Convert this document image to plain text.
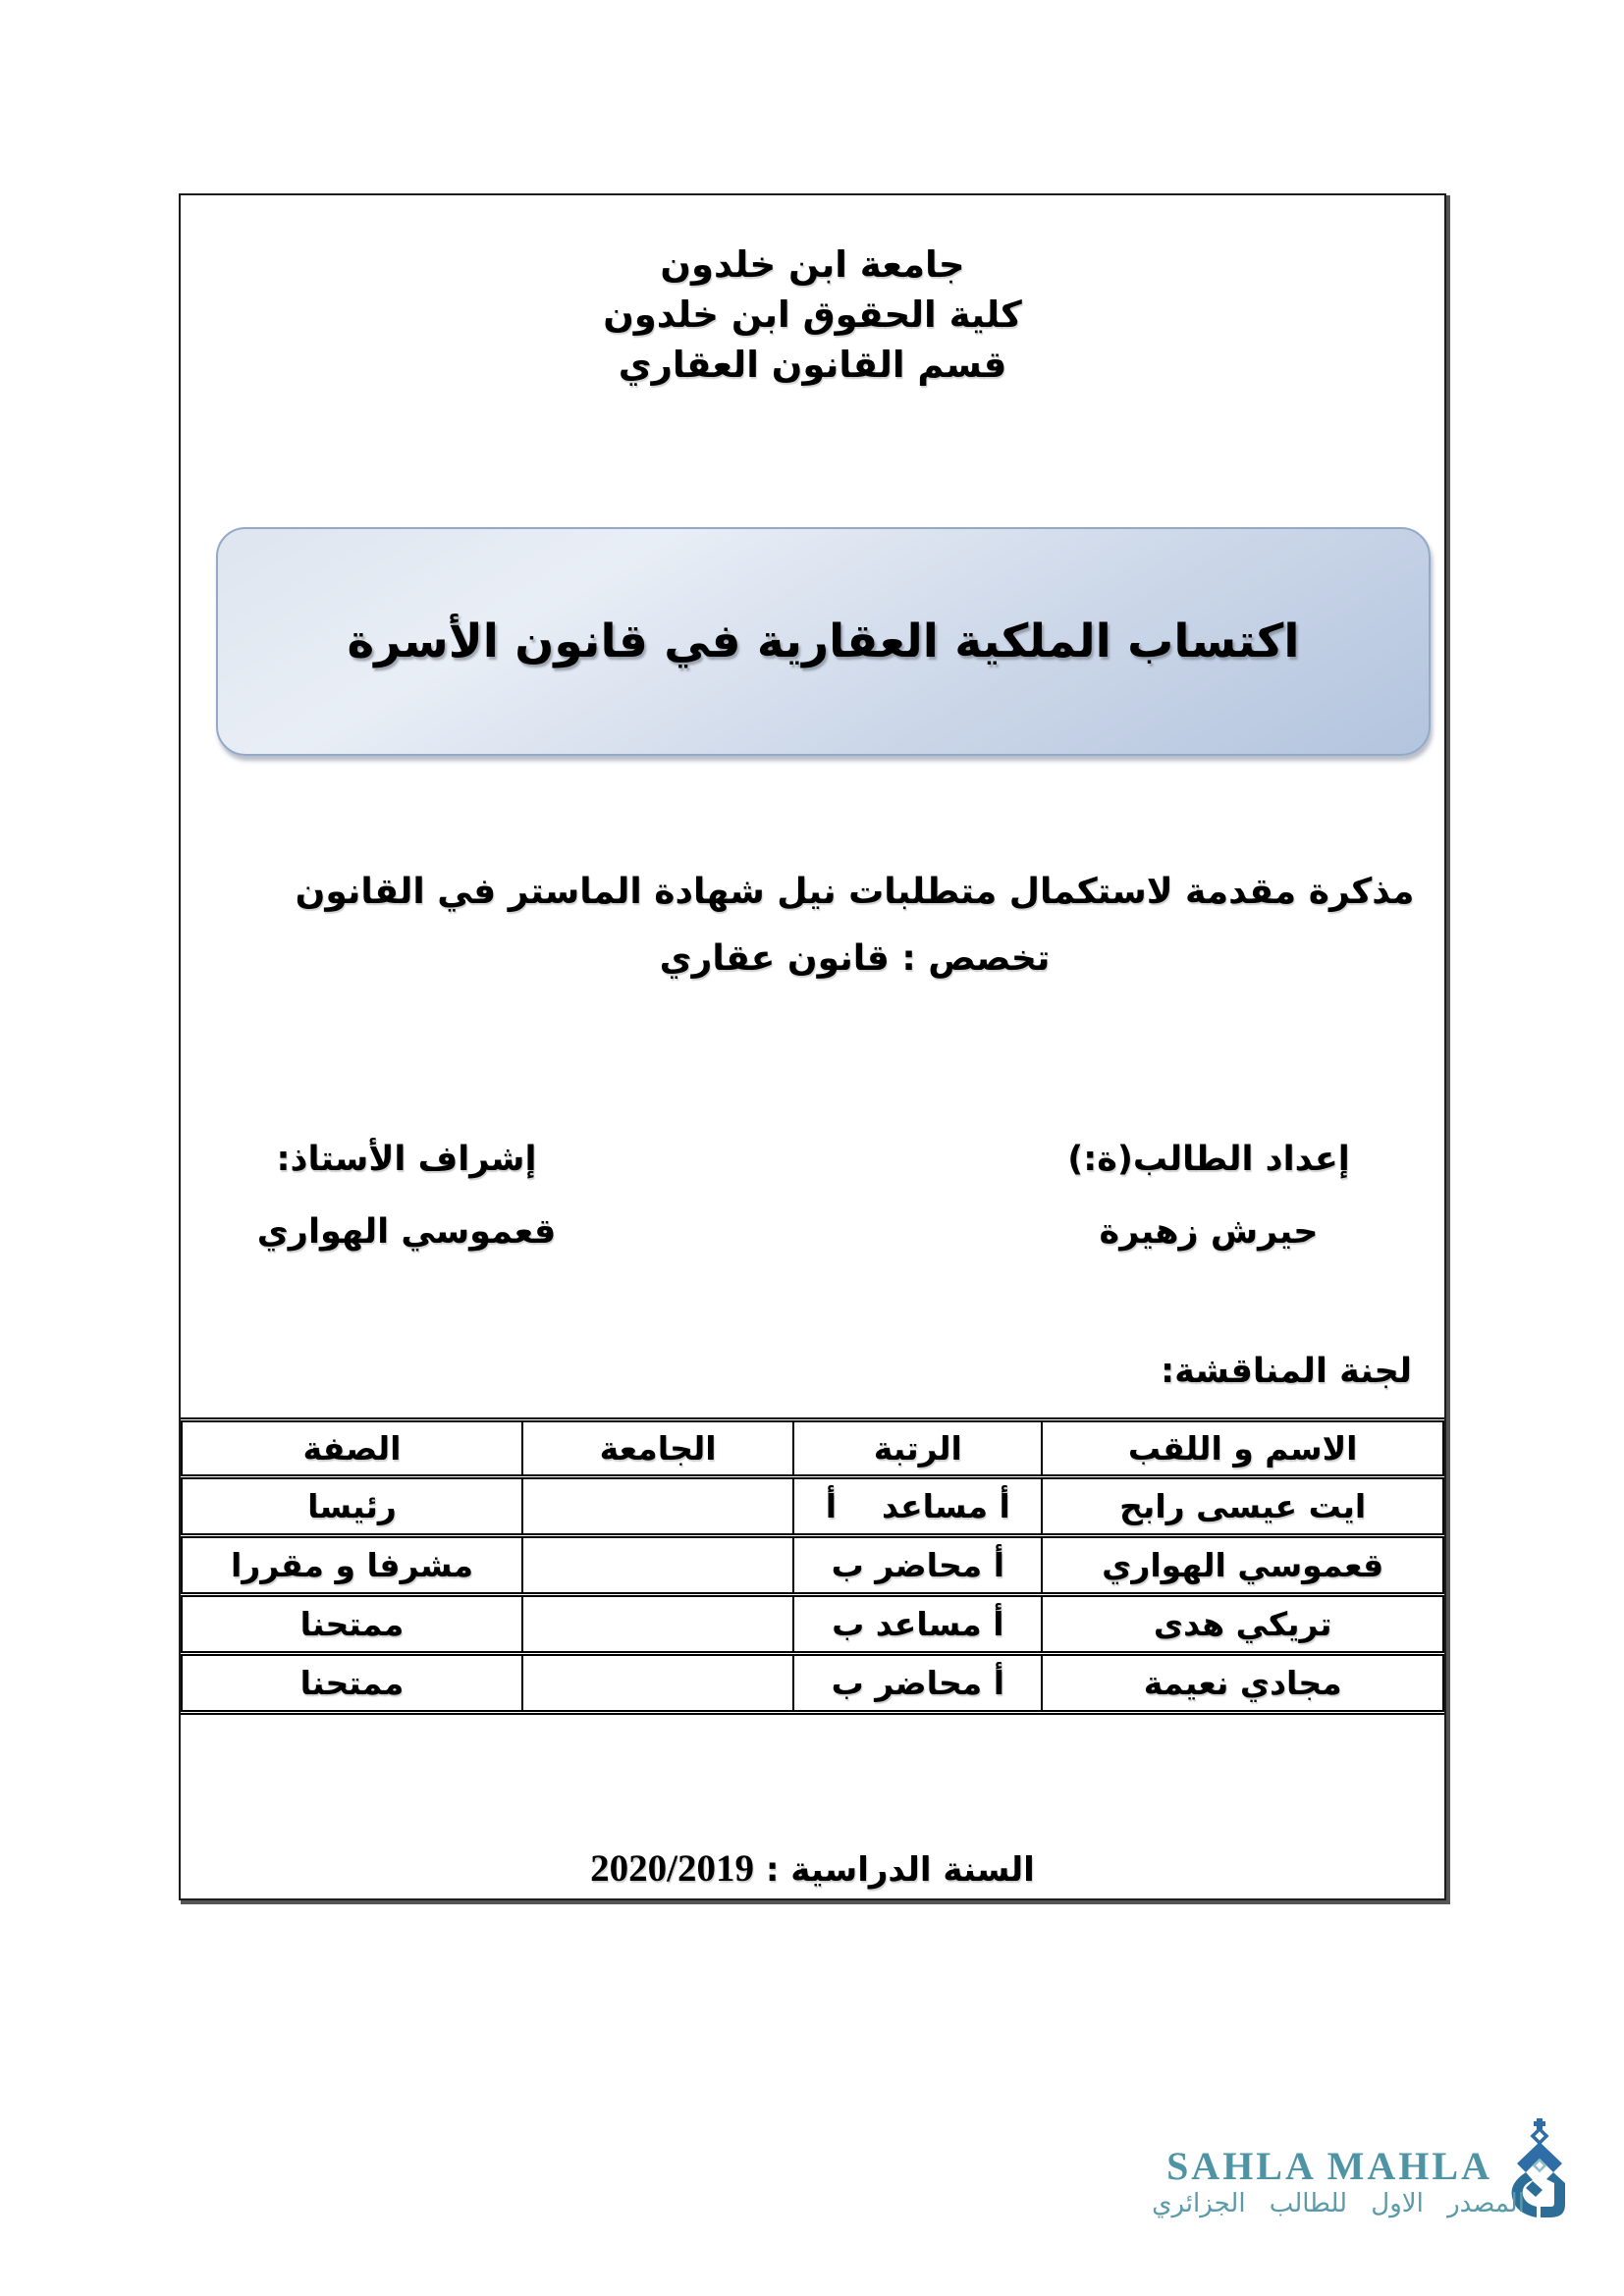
جامعة ابن خلدون
كلية الحقوق ابن خلدون
قسم القانون العقاري
اكتساب الملكية العقارية في قانون الأسرة
مذكرة مقدمة لاستكمال متطلبات نيل شهادة الماستر في القانون
تخصص : قانون عقاري
إعداد الطالب(ة:)
حيرش زهيرة
إشراف الأستاذ:
قعموسي الهواري
لجنة المناقشة:
الاسم و اللقب	الرتبة	الجامعة	الصفة
ايت عيسى رابح	أ مساعد    أ		رئيسا
قعموسي الهواري	أ محاضر ب		مشرفا و مقررا
تريكي هدى	أ مساعد ب		ممتحنا
مجادي نعيمة	أ محاضر ب		ممتحنا
السنة الدراسية : 2020/2019
SAHLA MAHLA
المصدر الاول للطالب الجزائري
